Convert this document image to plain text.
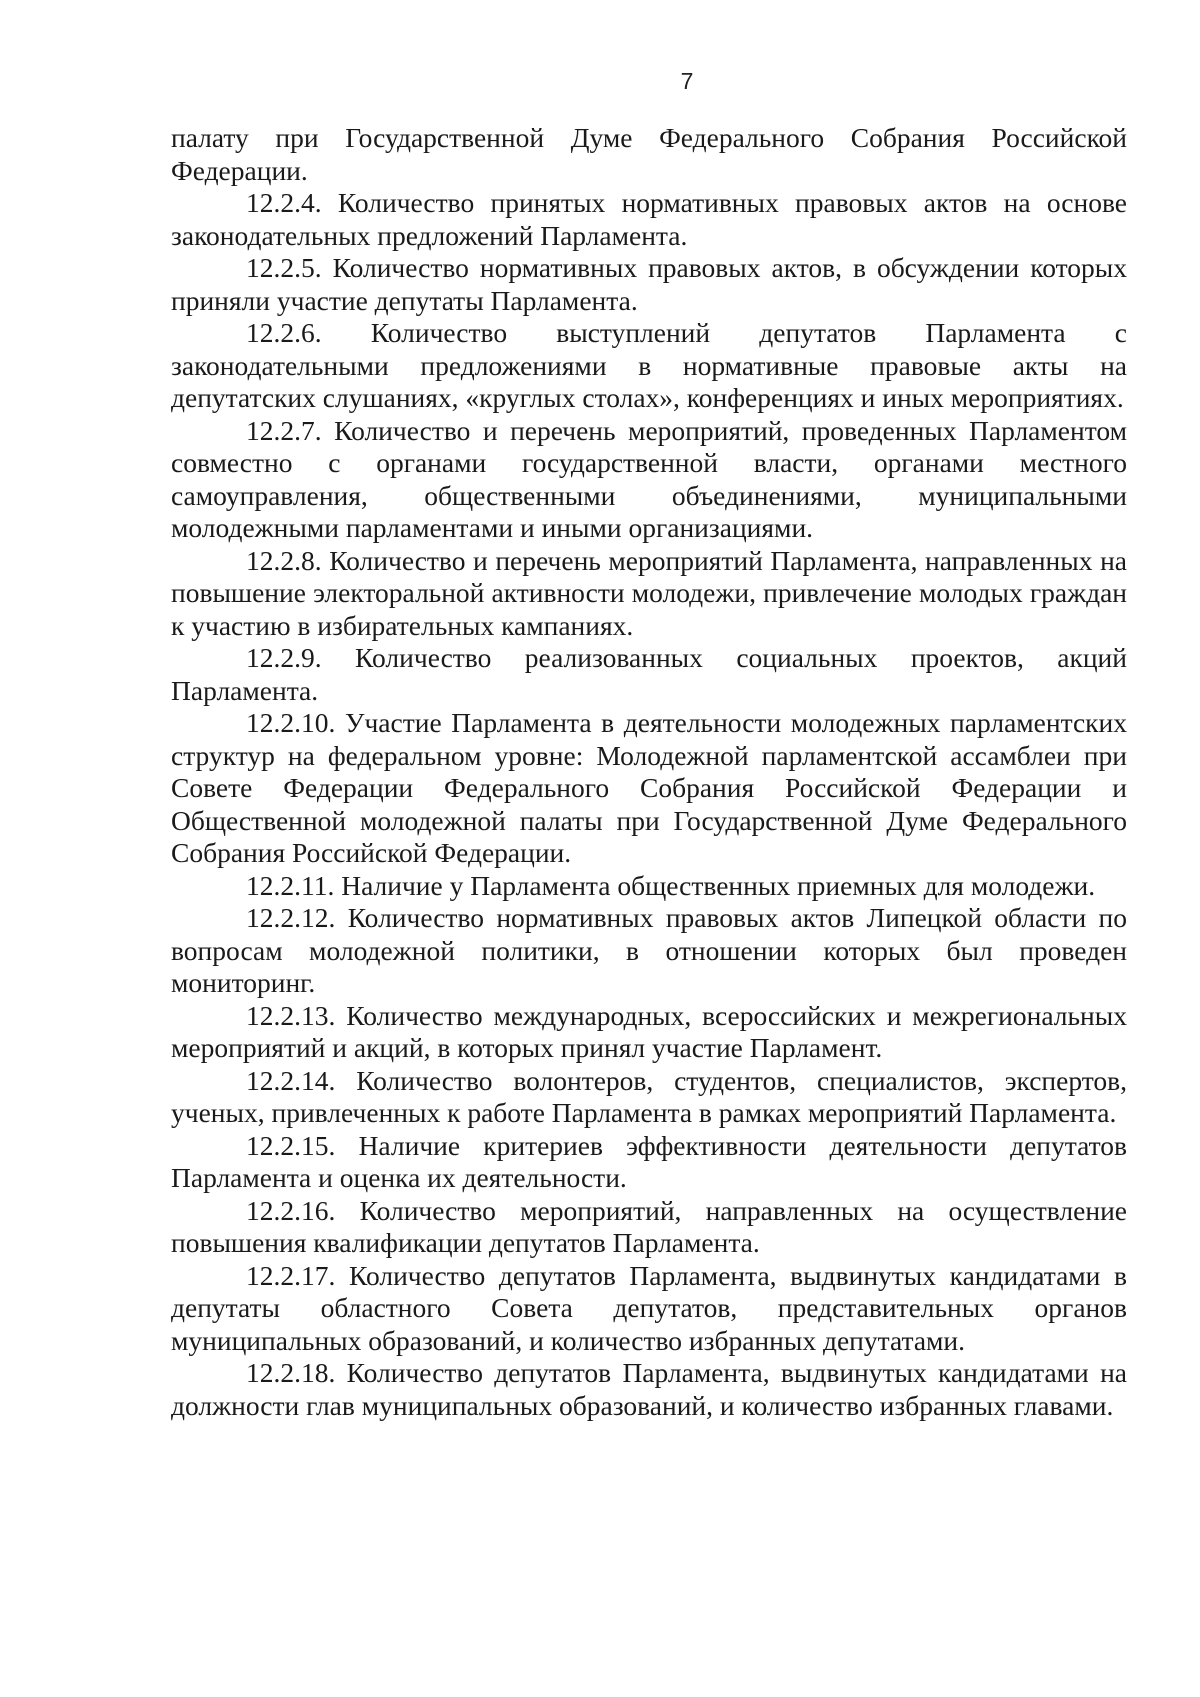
7

палату при Государственной Думе Федерального Собрания Российской Федерации.

12.2.4. Количество принятых нормативных правовых актов на основе законодательных предложений Парламента.

12.2.5. Количество нормативных правовых актов, в обсуждении которых приняли участие депутаты Парламента.

12.2.6. Количество выступлений депутатов Парламента с законодательными предложениями в нормативные правовые акты на депутатских слушаниях, «круглых столах», конференциях и иных мероприятиях.

12.2.7. Количество и перечень мероприятий, проведенных Парламентом совместно с органами государственной власти, органами местного самоуправления, общественными объединениями, муниципальными молодежными парламентами и иными организациями.

12.2.8. Количество и перечень мероприятий Парламента, направленных на повышение электоральной активности молодежи, привлечение молодых граждан к участию в избирательных кампаниях.

12.2.9. Количество реализованных социальных проектов, акций Парламента.

12.2.10. Участие Парламента в деятельности молодежных парламентских структур на федеральном уровне: Молодежной парламентской ассамблеи при Совете Федерации Федерального Собрания Российской Федерации и Общественной молодежной палаты при Государственной Думе Федерального Собрания Российской Федерации.

12.2.11. Наличие у Парламента общественных приемных для молодежи.

12.2.12. Количество нормативных правовых актов Липецкой области по вопросам молодежной политики, в отношении которых был проведен мониторинг.

12.2.13. Количество международных, всероссийских и межрегиональных мероприятий и акций, в которых принял участие Парламент.

12.2.14. Количество волонтеров, студентов, специалистов, экспертов, ученых, привлеченных к работе Парламента в рамках мероприятий Парламента.

12.2.15. Наличие критериев эффективности деятельности депутатов Парламента и оценка их деятельности.

12.2.16. Количество мероприятий, направленных на осуществление повышения квалификации депутатов Парламента.

12.2.17. Количество депутатов Парламента, выдвинутых кандидатами в депутаты областного Совета депутатов, представительных органов муниципальных образований, и количество избранных депутатами.

12.2.18. Количество депутатов Парламента, выдвинутых кандидатами на должности глав муниципальных образований, и количество избранных главами.
